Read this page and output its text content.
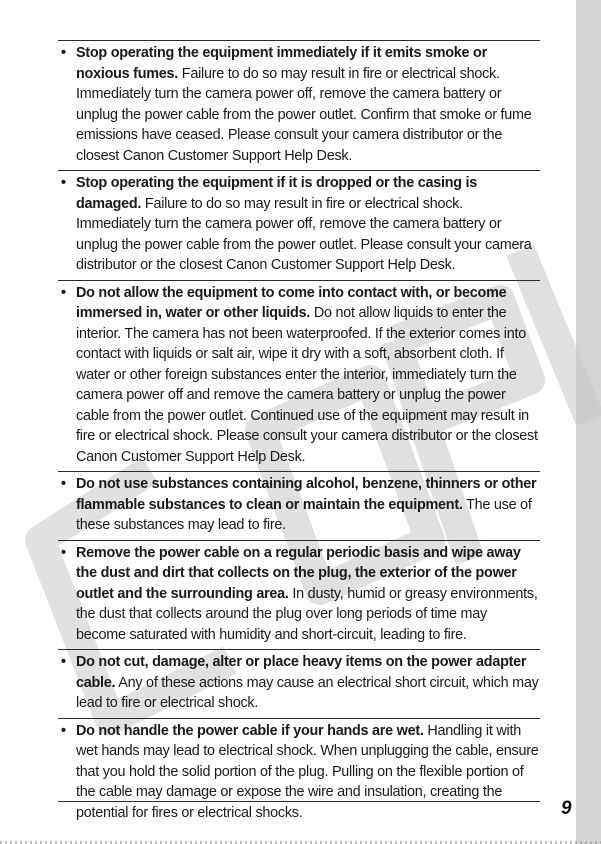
• Stop operating the equipment immediately if it emits smoke or noxious fumes. Failure to do so may result in fire or electrical shock. Immediately turn the camera power off, remove the camera battery or unplug the power cable from the power outlet. Confirm that smoke or fume emissions have ceased. Please consult your camera distributor or the closest Canon Customer Support Help Desk.
• Stop operating the equipment if it is dropped or the casing is damaged. Failure to do so may result in fire or electrical shock. Immediately turn the camera power off, remove the camera battery or unplug the power cable from the power outlet. Please consult your camera distributor or the closest Canon Customer Support Help Desk.
• Do not allow the equipment to come into contact with, or become immersed in, water or other liquids. Do not allow liquids to enter the interior. The camera has not been waterproofed. If the exterior comes into contact with liquids or salt air, wipe it dry with a soft, absorbent cloth. If water or other foreign substances enter the interior, immediately turn the camera power off and remove the camera battery or unplug the power cable from the power outlet. Continued use of the equipment may result in fire or electrical shock. Please consult your camera distributor or the closest Canon Customer Support Help Desk.
• Do not use substances containing alcohol, benzene, thinners or other flammable substances to clean or maintain the equipment. The use of these substances may lead to fire.
• Remove the power cable on a regular periodic basis and wipe away the dust and dirt that collects on the plug, the exterior of the power outlet and the surrounding area. In dusty, humid or greasy environments, the dust that collects around the plug over long periods of time may become saturated with humidity and short-circuit, leading to fire.
• Do not cut, damage, alter or place heavy items on the power adapter cable. Any of these actions may cause an electrical short circuit, which may lead to fire or electrical shock.
• Do not handle the power cable if your hands are wet. Handling it with wet hands may lead to electrical shock. When unplugging the cable, ensure that you hold the solid portion of the plug. Pulling on the flexible portion of the cable may damage or expose the wire and insulation, creating the potential for fires or electrical shocks.	9
